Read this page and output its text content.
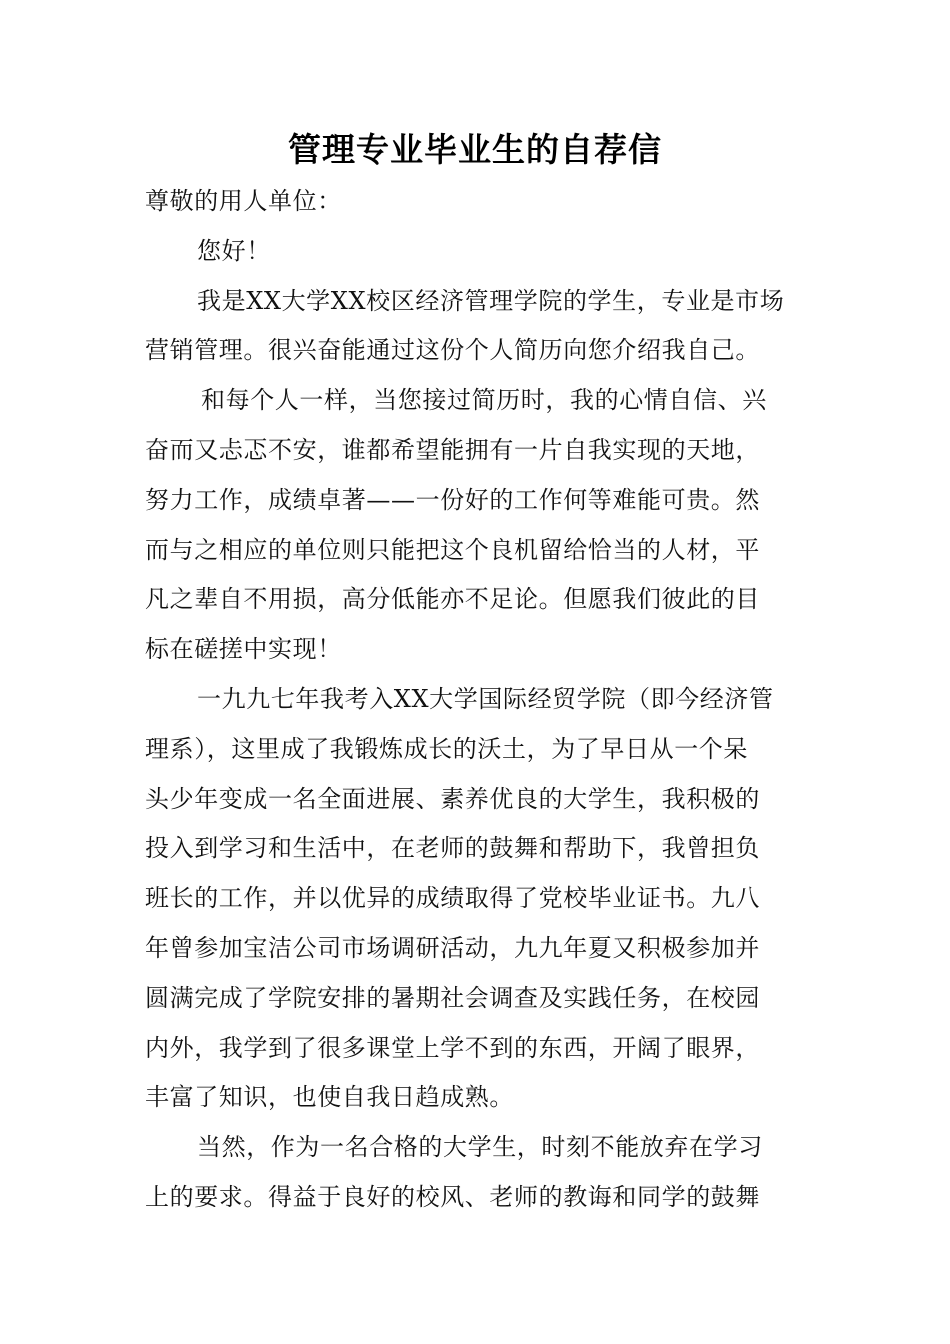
管理专业毕业生的自荐信
尊敬的用人单位：
您好！
我是XX大学XX校区经济管理学院的学生，专业是市场
营销管理。很兴奋能通过这份个人简历向您介绍我自己。
和每个人一样，当您接过简历时，我的心情自信、兴
奋而又忐忑不安，谁都希望能拥有一片自我实现的天地，
努力工作，成绩卓著——一份好的工作何等难能可贵。然
而与之相应的单位则只能把这个良机留给恰当的人材，平
凡之辈自不用损，高分低能亦不足论。但愿我们彼此的目
标在磋搓中实现！
一九九七年我考入XX大学国际经贸学院（即今经济管
理系），这里成了我锻炼成长的沃土，为了早日从一个呆
头少年变成一名全面进展、素养优良的大学生，我积极的
投入到学习和生活中，在老师的鼓舞和帮助下，我曾担负
班长的工作，并以优异的成绩取得了党校毕业证书。九八
年曾参加宝洁公司市场调研活动，九九年夏又积极参加并
圆满完成了学院安排的暑期社会调查及实践任务，在校园
内外，我学到了很多课堂上学不到的东西，开阔了眼界，
丰富了知识，也使自我日趋成熟。
当然，作为一名合格的大学生，时刻不能放弃在学习
上的要求。得益于良好的校风、老师的教诲和同学的鼓舞
